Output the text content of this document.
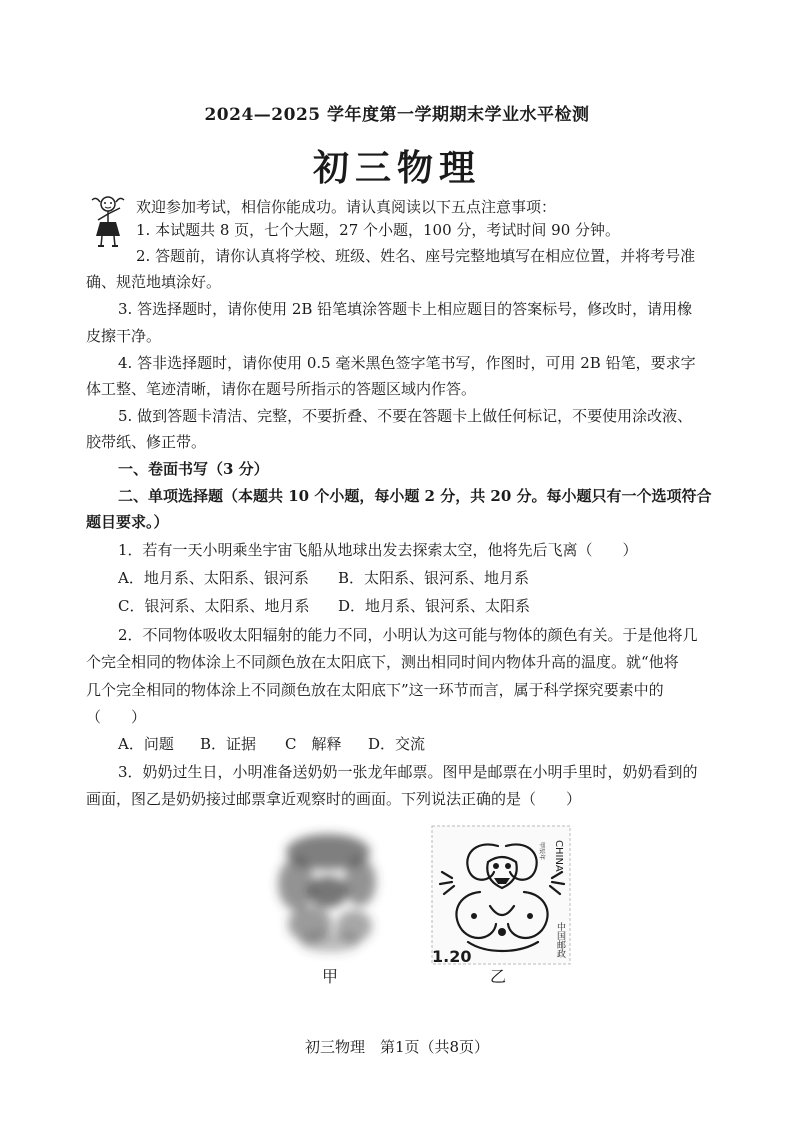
2024—2025 学年度第一学期期末学业水平检测
初三物理
欢迎参加考试，相信你能成功。请认真阅读以下五点注意事项：
1. 本试题共 8 页，七个大题，27 个小题，100 分，考试时间 90 分钟。
2. 答题前，请你认真将学校、班级、姓名、座号完整地填写在相应位置，并将考号准
确、规范地填涂好。
3. 答选择题时，请你使用 2B 铅笔填涂答题卡上相应题目的答案标号，修改时，请用橡
皮擦干净。
4. 答非选择题时，请你使用 0.5 毫米黑色签字笔书写，作图时，可用 2B 铅笔，要求字
体工整、笔迹清晰，请你在题号所指示的答题区域内作答。
5. 做到答题卡清洁、完整，不要折叠、不要在答题卡上做任何标记，不要使用涂改液、
胶带纸、修正带。
一、卷面书写（3 分）
二、单项选择题（本题共 10 个小题，每小题 2 分，共 20 分。每小题只有一个选项符合
题目要求。）
1．若有一天小明乘坐宇宙飞船从地球出发去探索太空，他将先后飞离（　　）
A．地月系、太阳系、银河系 B．太阳系、银河系、地月系
C．银河系、太阳系、地月系 D．地月系、银河系、太阳系
2．不同物体吸收太阳辐射的能力不同，小明认为这可能与物体的颜色有关。于是他将几
个完全相同的物体涂上不同颜色放在太阳底下，测出相同时间内物体升高的温度。就“他将
几个完全相同的物体涂上不同颜色放在太阳底下”这一环节而言，属于科学探究要素中的
（　　）
A．问题 B．证据 C　解释 D．交流
3．奶奶过生日，小明准备送奶奶一张龙年邮票。图甲是邮票在小明手里时，奶奶看到的
画面，图乙是奶奶接过邮票拿近观察时的画面。下列说法正确的是（　　）
1.20
CHINA
甲辰年
中国邮政
甲	乙
初三物理　第1页（共8页）
